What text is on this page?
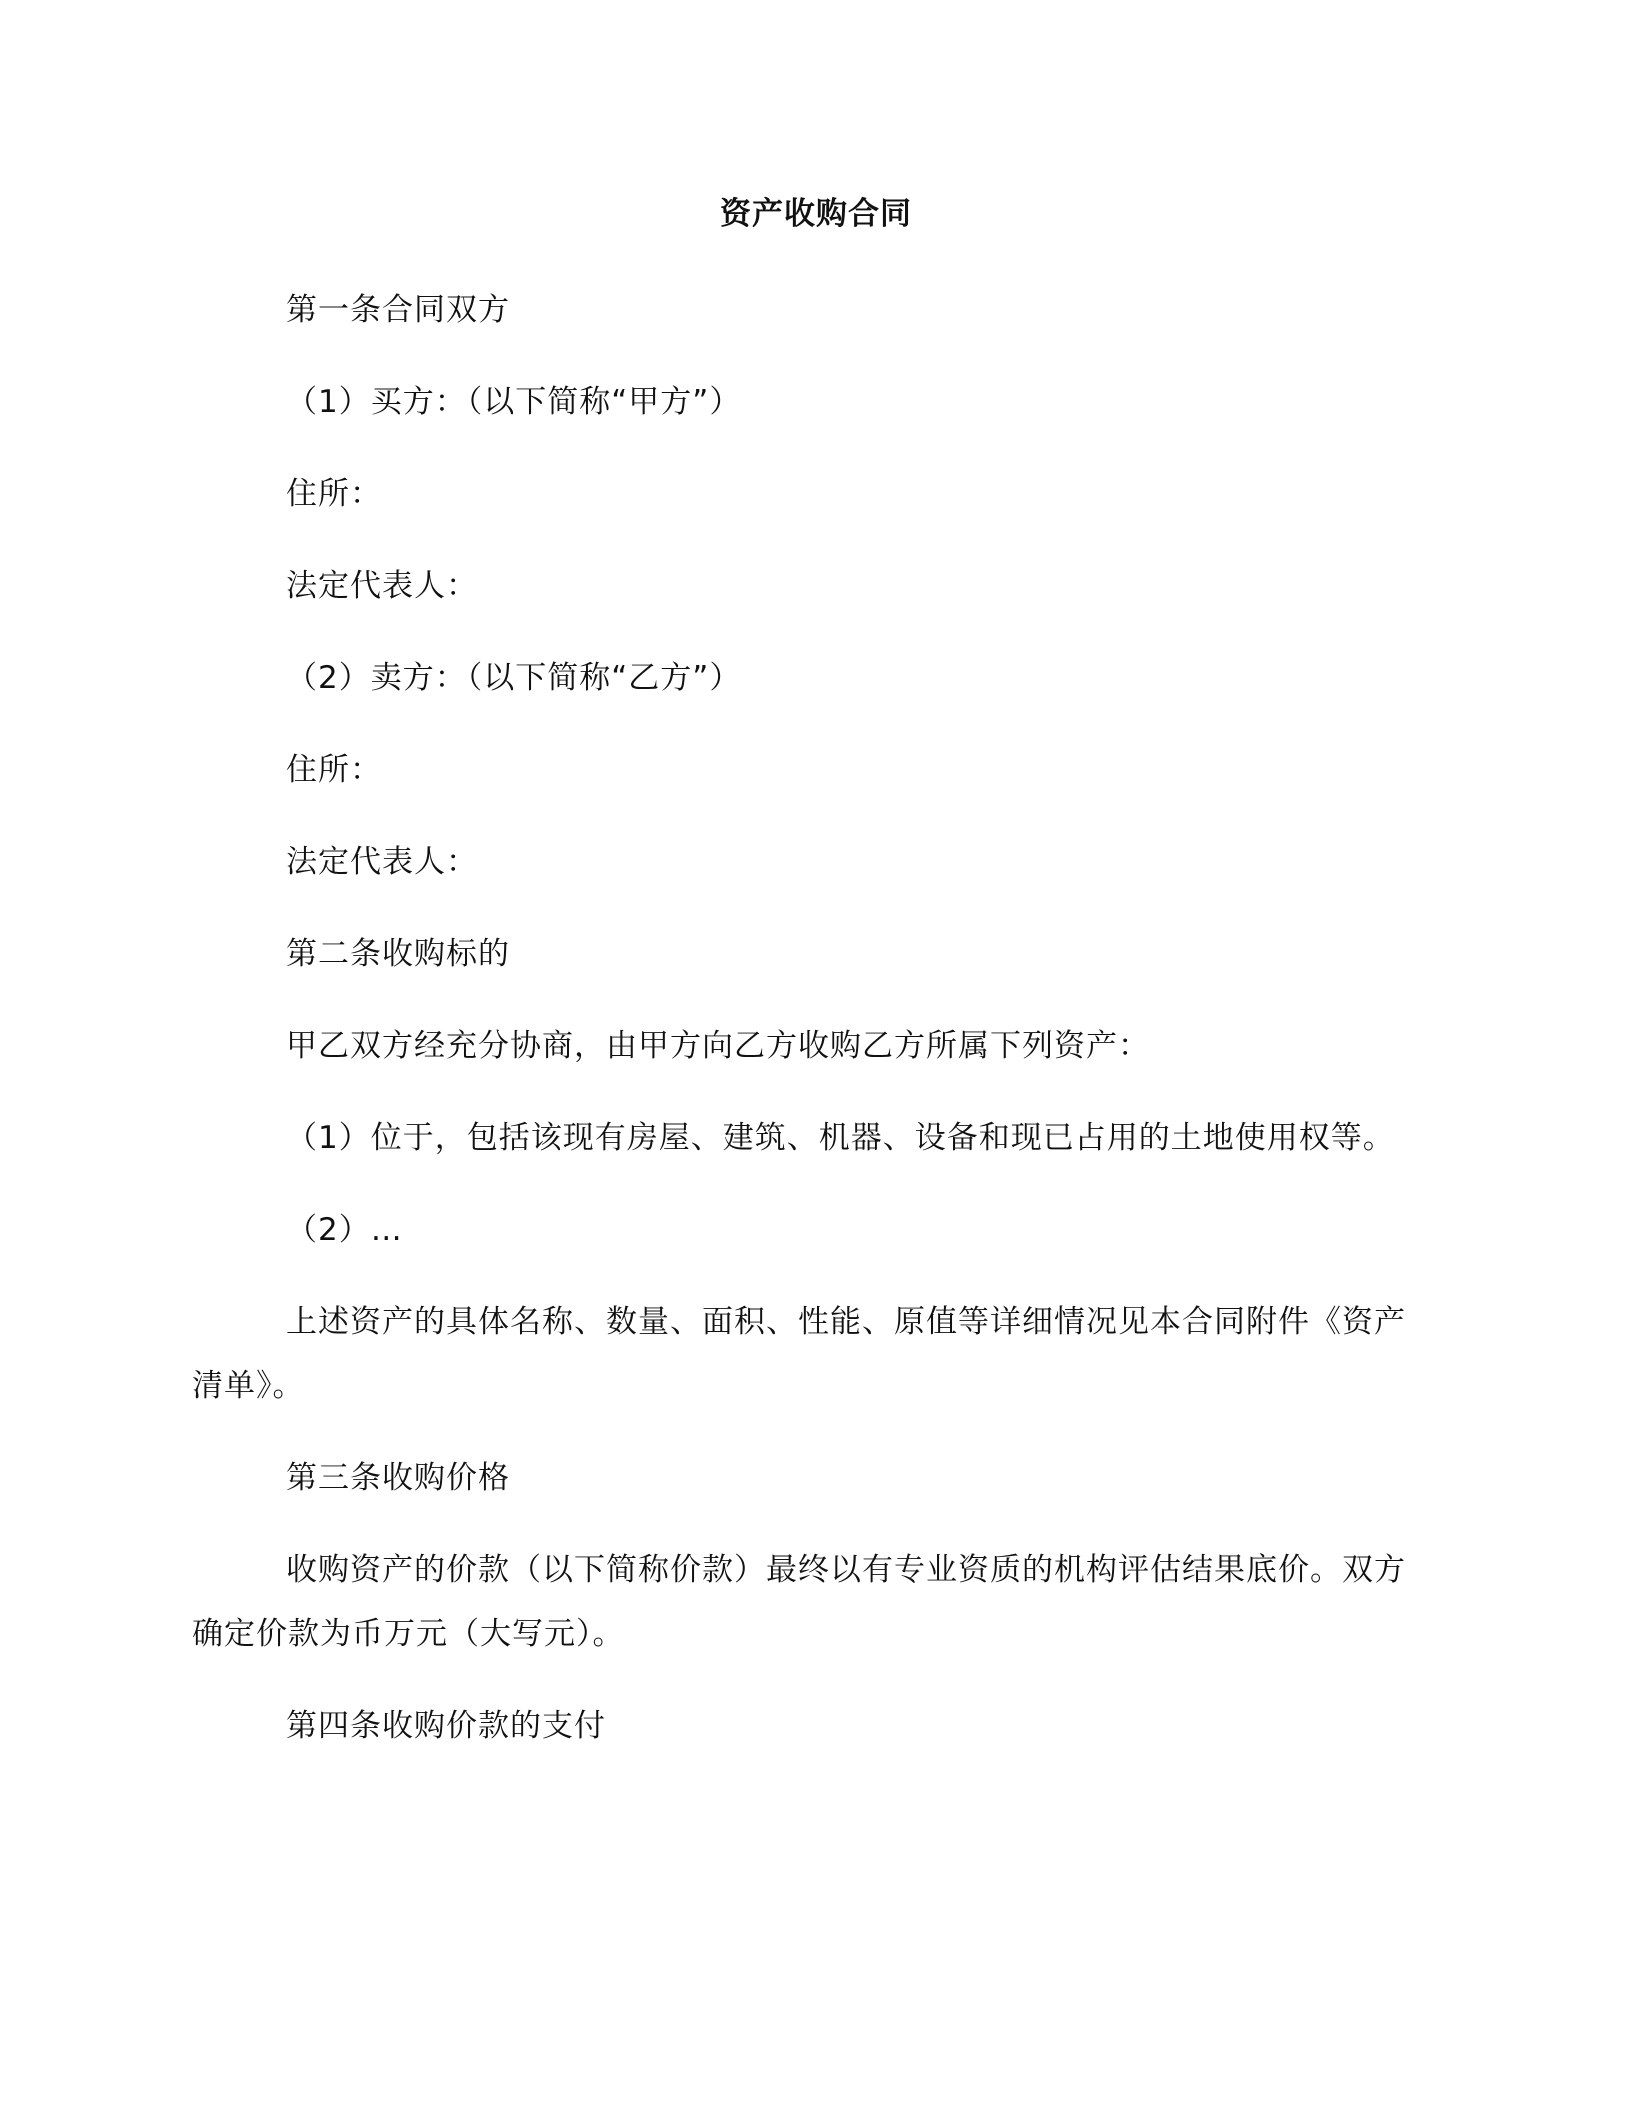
资产收购合同
第一条合同双方
（1）买方：（以下简称“甲方”）
住所：
法定代表人：
（2）卖方：（以下简称“乙方”）
住所：
法定代表人：
第二条收购标的
甲乙双方经充分协商，由甲方向乙方收购乙方所属下列资产：
（1）位于，包括该现有房屋、建筑、机器、设备和现已占用的土地使用权等。
（2）…
上述资产的具体名称、数量、面积、性能、原值等详细情况见本合同附件《资产清单》。
第三条收购价格
收购资产的价款（以下简称价款）最终以有专业资质的机构评估结果底价。双方确定价款为币万元（大写元）。
第四条收购价款的支付
